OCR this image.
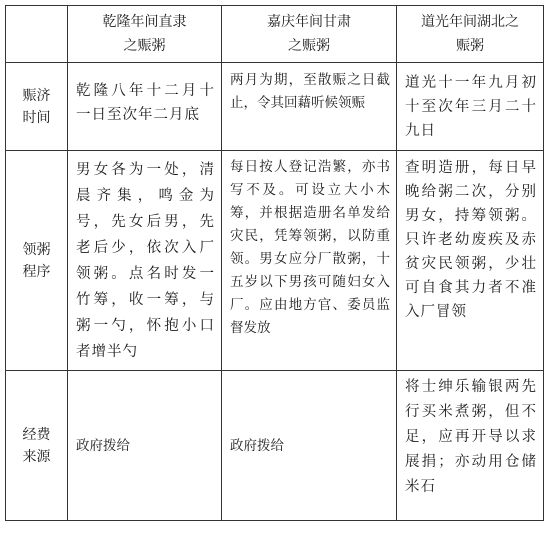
	乾隆年间直隶之赈粥	嘉庆年间甘肃之赈粥	道光年间湖北之赈粥
赈济时间	乾隆八年十二月十一日至次年二月底	两月为期，至散赈之日截止，令其回藉听候领赈	道光十一年九月初十至次年三月二十九日
领粥程序	男女各为一处，清晨齐集，鸣金为号，先女后男，先老后少，依次入厂领粥。点名时发一竹筹，收一筹，与粥一勺，怀抱小口者增半勺	每日按人登记浩繁，亦书写不及。可设立大小木筹，并根据造册名单发给灾民，凭筹领粥，以防重领。男女应分厂散粥，十五岁以下男孩可随妇女入厂。应由地方官、委员监督发放	查明造册，每日早晚给粥二次，分别男女，持筹领粥。只许老幼废疾及赤贫灾民领粥，少壮可自食其力者不准入厂冒领
经费来源	政府拨给	政府拨给	将士绅乐输银两先行买米煮粥，但不足，应再开导以求展捐；亦动用仓储米石
